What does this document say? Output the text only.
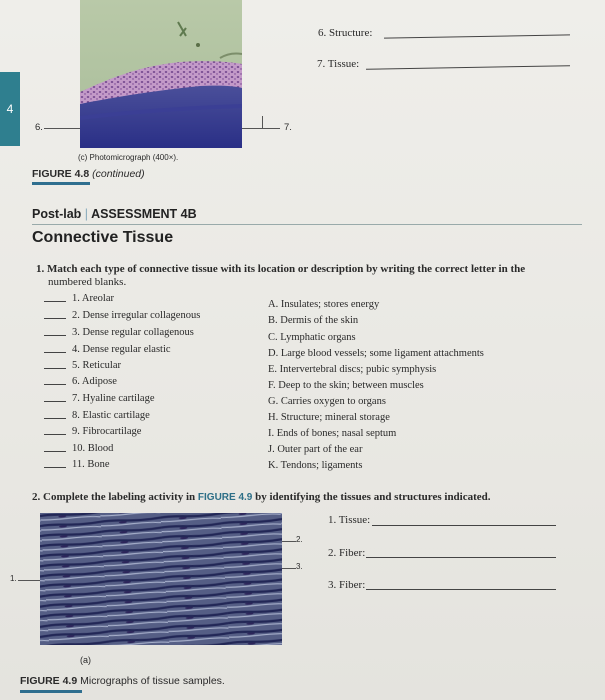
4
6.	7.
(c) Photomicrograph (400×).
FIGURE 4.8 (continued)
6. Structure:
7. Tissue:
Post-lab | ASSESSMENT 4B
Connective Tissue
1. Match each type of connective tissue with its location or description by writing the correct letter in the
numbered blanks.
1. Areolar
2. Dense irregular collagenous
3. Dense regular collagenous
4. Dense regular elastic
5. Reticular
6. Adipose
7. Hyaline cartilage
8. Elastic cartilage
9. Fibrocartilage
10. Blood
11. Bone
A. Insulates; stores energy
B. Dermis of the skin
C. Lymphatic organs
D. Large blood vessels; some ligament attachments
E. Intervertebral discs; pubic symphysis
F. Deep to the skin; between muscles
G. Carries oxygen to organs
H. Structure; mineral storage
I. Ends of bones; nasal septum
J. Outer part of the ear
K. Tendons; ligaments
2. Complete the labeling activity in FIGURE 4.9 by identifying the tissues and structures indicated.
1.
2.
3.
1. Tissue:
2. Fiber:
3. Fiber:
(a)
FIGURE 4.9 Micrographs of tissue samples.
